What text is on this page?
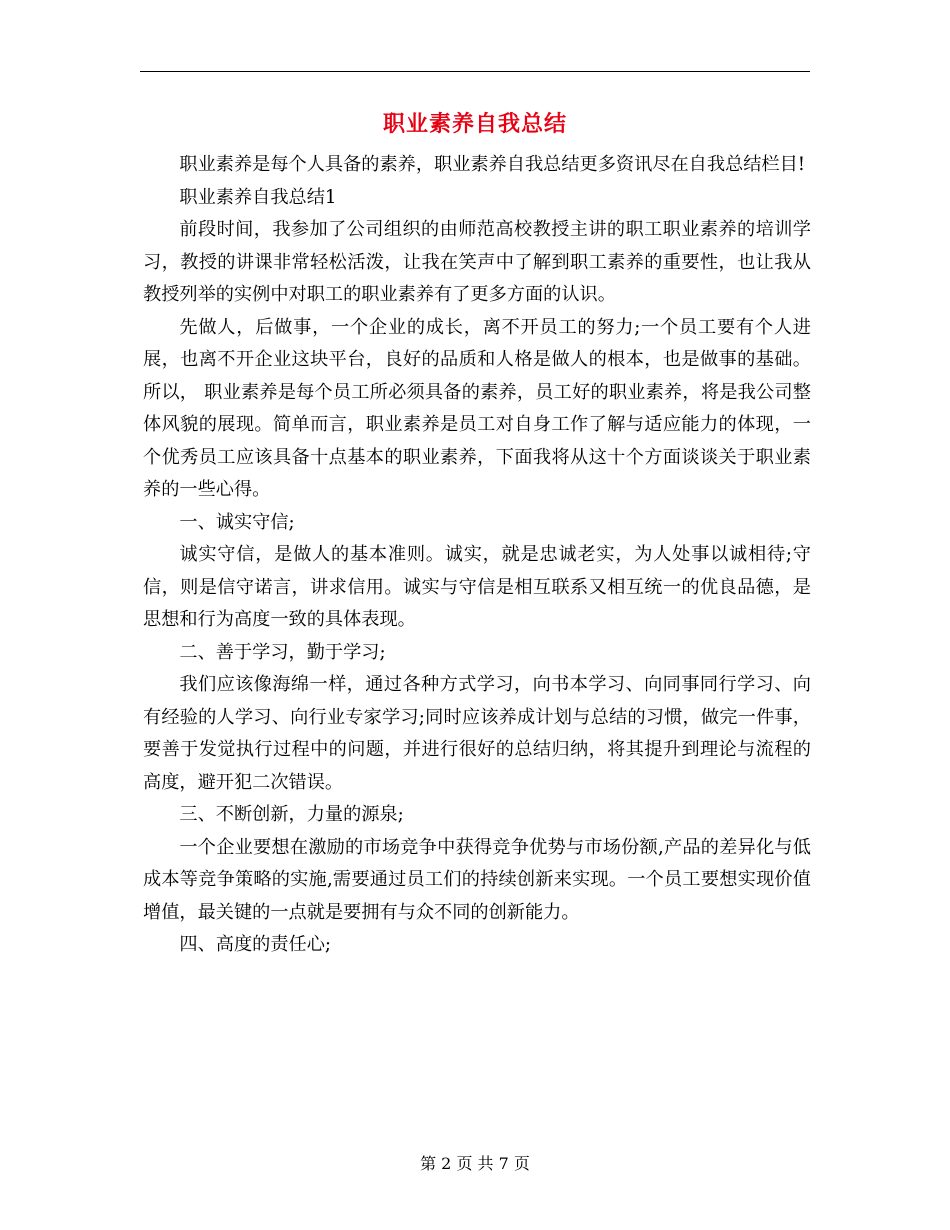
职业素养自我总结

职业素养是每个人具备的素养，职业素养自我总结更多资讯尽在自我总结栏目!

职业素养自我总结1

前段时间，我参加了公司组织的由师范高校教授主讲的职工职业素养的培训学习，教授的讲课非常轻松活泼，让我在笑声中了解到职工素养的重要性，也让我从教授列举的实例中对职工的职业素养有了更多方面的认识。

先做人，后做事，一个企业的成长，离不开员工的努力;一个员工要有个人进展，也离不开企业这块平台，良好的品质和人格是做人的根本，也是做事的基础。所以， 职业素养是每个员工所必须具备的素养，员工好的职业素养，将是我公司整体风貌的展现。简单而言，职业素养是员工对自身工作了解与适应能力的体现，一个优秀员工应该具备十点基本的职业素养，下面我将从这十个方面谈谈关于职业素养的一些心得。

一、诚实守信;

诚实守信，是做人的基本准则。诚实，就是忠诚老实，为人处事以诚相待;守信，则是信守诺言，讲求信用。诚实与守信是相互联系又相互统一的优良品德，是思想和行为高度一致的具体表现。

二、善于学习，勤于学习;

我们应该像海绵一样，通过各种方式学习，向书本学习、向同事同行学习、向有经验的人学习、向行业专家学习;同时应该养成计划与总结的习惯，做完一件事，要善于发觉执行过程中的问题，并进行很好的总结归纳，将其提升到理论与流程的高度，避开犯二次错误。

三、不断创新，力量的源泉;

一个企业要想在激励的市场竞争中获得竞争优势与市场份额,产品的差异化与低成本等竞争策略的实施,需要通过员工们的持续创新来实现。一个员工要想实现价值增值，最关键的一点就是要拥有与众不同的创新能力。

四、高度的责任心;

第 2 页 共 7 页
